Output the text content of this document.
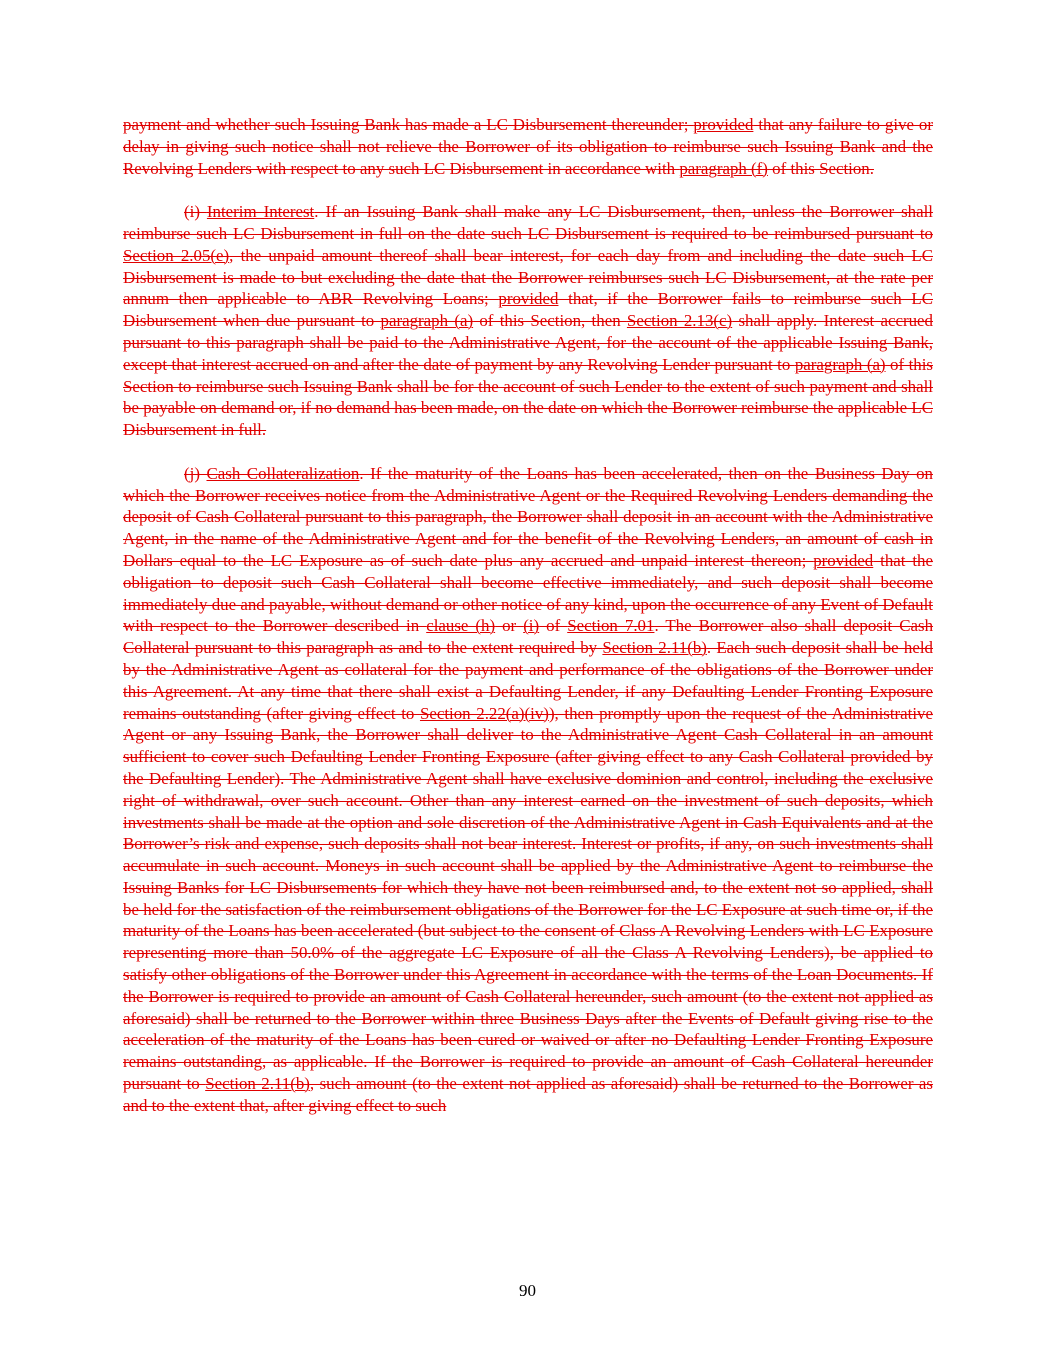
payment and whether such Issuing Bank has made a LC Disbursement thereunder; provided that any failure to give or delay in giving such notice shall not relieve the Borrower of its obligation to reimburse such Issuing Bank and the Revolving Lenders with respect to any such LC Disbursement in accordance with paragraph (f) of this Section.

(i) Interim Interest. If an Issuing Bank shall make any LC Disbursement, then, unless the Borrower shall reimburse such LC Disbursement in full on the date such LC Disbursement is required to be reimbursed pursuant to Section 2.05(e), the unpaid amount thereof shall bear interest, for each day from and including the date such LC Disbursement is made to but excluding the date that the Borrower reimburses such LC Disbursement, at the rate per annum then applicable to ABR Revolving Loans; provided that, if the Borrower fails to reimburse such LC Disbursement when due pursuant to paragraph (a) of this Section, then Section 2.13(c) shall apply. Interest accrued pursuant to this paragraph shall be paid to the Administrative Agent, for the account of the applicable Issuing Bank, except that interest accrued on and after the date of payment by any Revolving Lender pursuant to paragraph (a) of this Section to reimburse such Issuing Bank shall be for the account of such Lender to the extent of such payment and shall be payable on demand or, if no demand has been made, on the date on which the Borrower reimburse the applicable LC Disbursement in full.

(j) Cash Collateralization. If the maturity of the Loans has been accelerated, then on the Business Day on which the Borrower receives notice from the Administrative Agent or the Required Revolving Lenders demanding the deposit of Cash Collateral pursuant to this paragraph, the Borrower shall deposit in an account with the Administrative Agent, in the name of the Administrative Agent and for the benefit of the Revolving Lenders, an amount of cash in Dollars equal to the LC Exposure as of such date plus any accrued and unpaid interest thereon; provided that the obligation to deposit such Cash Collateral shall become effective immediately, and such deposit shall become immediately due and payable, without demand or other notice of any kind, upon the occurrence of any Event of Default with respect to the Borrower described in clause (h) or (i) of Section 7.01. The Borrower also shall deposit Cash Collateral pursuant to this paragraph as and to the extent required by Section 2.11(b). Each such deposit shall be held by the Administrative Agent as collateral for the payment and performance of the obligations of the Borrower under this Agreement. At any time that there shall exist a Defaulting Lender, if any Defaulting Lender Fronting Exposure remains outstanding (after giving effect to Section 2.22(a)(iv)), then promptly upon the request of the Administrative Agent or any Issuing Bank, the Borrower shall deliver to the Administrative Agent Cash Collateral in an amount sufficient to cover such Defaulting Lender Fronting Exposure (after giving effect to any Cash Collateral provided by the Defaulting Lender). The Administrative Agent shall have exclusive dominion and control, including the exclusive right of withdrawal, over such account. Other than any interest earned on the investment of such deposits, which investments shall be made at the option and sole discretion of the Administrative Agent in Cash Equivalents and at the Borrower’s risk and expense, such deposits shall not bear interest. Interest or profits, if any, on such investments shall accumulate in such account. Moneys in such account shall be applied by the Administrative Agent to reimburse the Issuing Banks for LC Disbursements for which they have not been reimbursed and, to the extent not so applied, shall be held for the satisfaction of the reimbursement obligations of the Borrower for the LC Exposure at such time or, if the maturity of the Loans has been accelerated (but subject to the consent of Class A Revolving Lenders with LC Exposure representing more than 50.0% of the aggregate LC Exposure of all the Class A Revolving Lenders), be applied to satisfy other obligations of the Borrower under this Agreement in accordance with the terms of the Loan Documents. If the Borrower is required to provide an amount of Cash Collateral hereunder, such amount (to the extent not applied as aforesaid) shall be returned to the Borrower within three Business Days after the Events of Default giving rise to the acceleration of the maturity of the Loans has been cured or waived or after no Defaulting Lender Fronting Exposure remains outstanding, as applicable. If the Borrower is required to provide an amount of Cash Collateral hereunder pursuant to Section 2.11(b), such amount (to the extent not applied as aforesaid) shall be returned to the Borrower as and to the extent that, after giving effect to such

90
